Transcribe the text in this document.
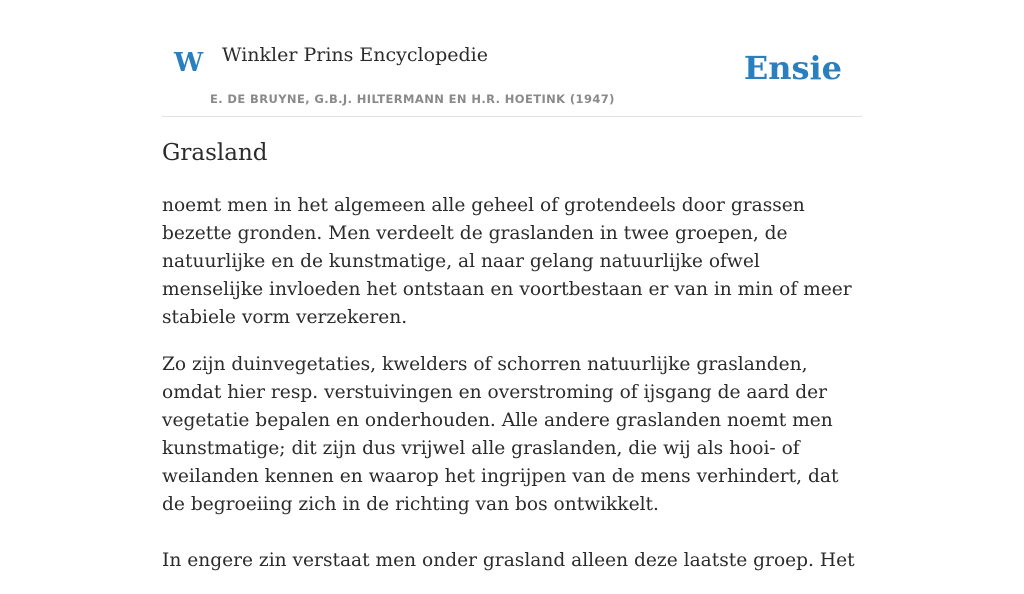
W Winkler Prins Encyclopedie
E. DE BRUYNE, G.B.J. HILTERMANN EN H.R. HOETINK (1947)
Ensie
Grasland

noemt men in het algemeen alle geheel of grotendeels door grassen bezette gronden. Men verdeelt de graslanden in twee groepen, de natuurlijke en de kunstmatige, al naar gelang natuurlijke ofwel menselijke invloeden het ontstaan en voortbestaan er van in min of meer stabiele vorm verzekeren.

Zo zijn duinvegetaties, kwelders of schorren natuurlijke graslanden, omdat hier resp. verstuivingen en overstroming of ijsgang de aard der vegetatie bepalen en onderhouden. Alle andere graslanden noemt men kunstmatige; dit zijn dus vrijwel alle graslanden, die wij als hooi- of weilanden kennen en waarop het ingrijpen van de mens verhindert, dat de begroeiing zich in de richting van bos ontwikkelt.

In engere zin verstaat men onder grasland alleen deze laatste groep. Het
